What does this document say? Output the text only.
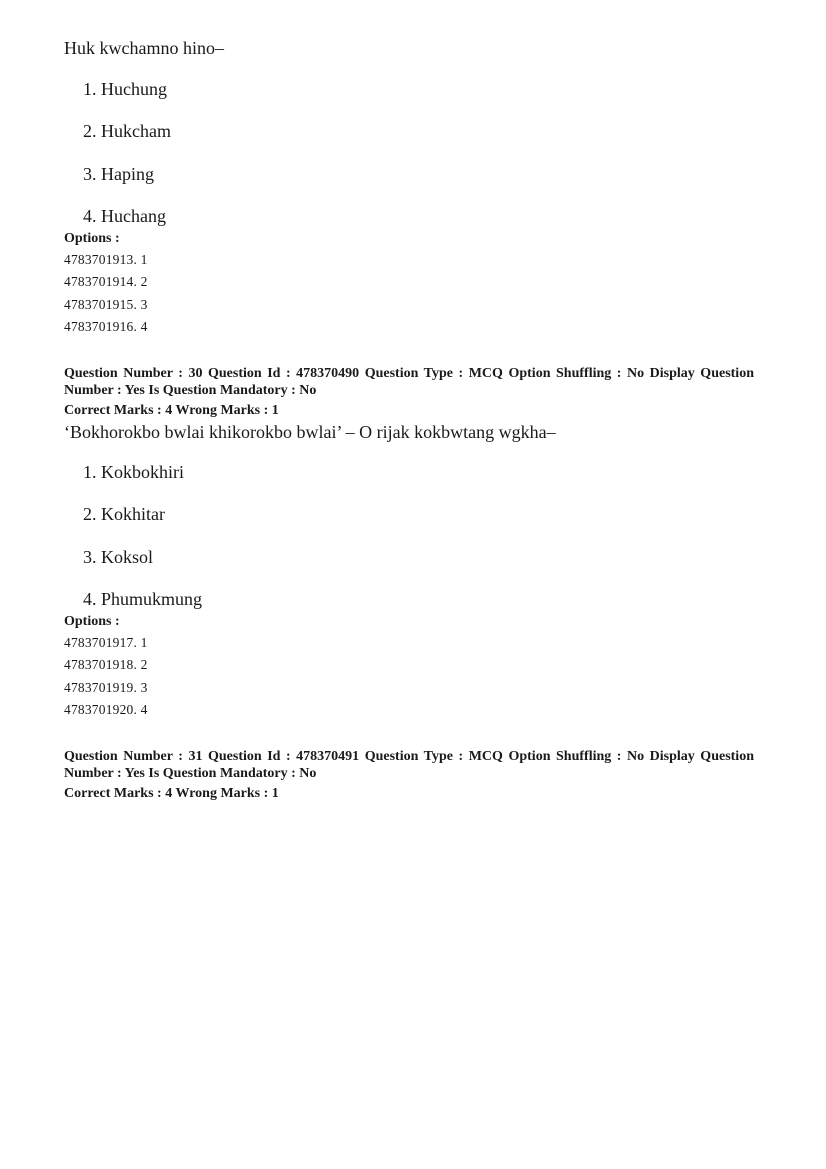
Huk kwchamno hino–
1. Huchung
2. Hukcham
3. Haping
4. Huchang
Options :
4783701913. 1
4783701914. 2
4783701915. 3
4783701916. 4
Question Number : 30 Question Id : 478370490 Question Type : MCQ Option Shuffling : No Display Question
Number : Yes Is Question Mandatory : No
Correct Marks : 4 Wrong Marks : 1
‘Bokhorokbo bwlai khikorokbo bwlai’ – O rijak kokbwtang wgkha–
1. Kokbokhiri
2. Kokhitar
3. Koksol
4. Phumukmung
Options :
4783701917. 1
4783701918. 2
4783701919. 3
4783701920. 4
Question Number : 31 Question Id : 478370491 Question Type : MCQ Option Shuffling : No Display Question
Number : Yes Is Question Mandatory : No
Correct Marks : 4 Wrong Marks : 1
